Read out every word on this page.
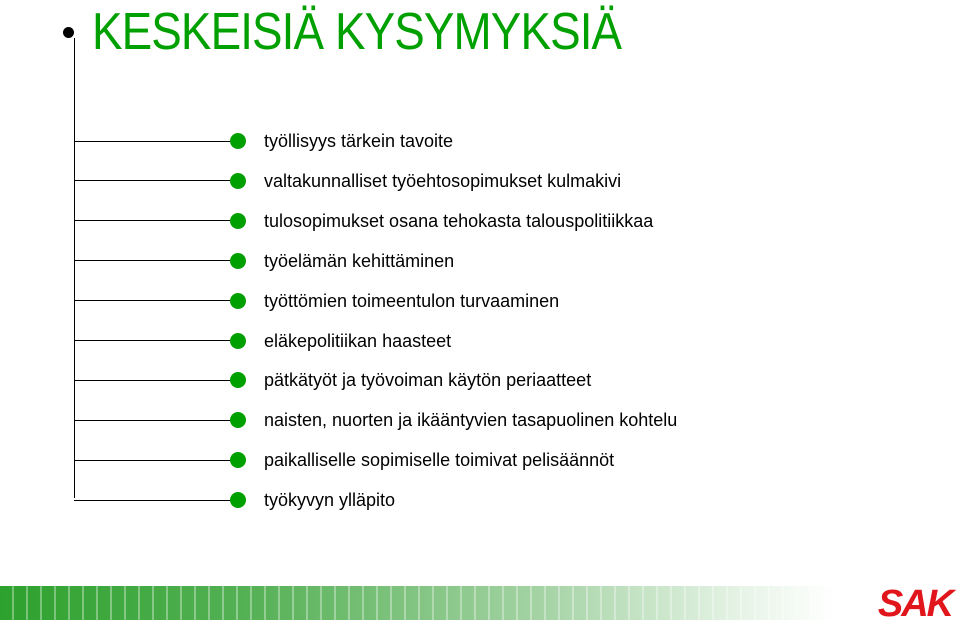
KESKEISIÄ KYSYMYKSIÄ
työllisyys tärkein tavoite
valtakunnalliset työehtosopimukset kulmakivi
tulosopimukset osana tehokasta talouspolitiikkaa
työelämän kehittäminen
työttömien toimeentulon turvaaminen
eläkepolitiikan haasteet
pätkätyöt ja työvoiman käytön periaatteet
naisten, nuorten ja ikääntyvien tasapuolinen kohtelu
paikalliselle sopimiselle toimivat pelisäännöt
työkyvyn ylläpito
SAK
